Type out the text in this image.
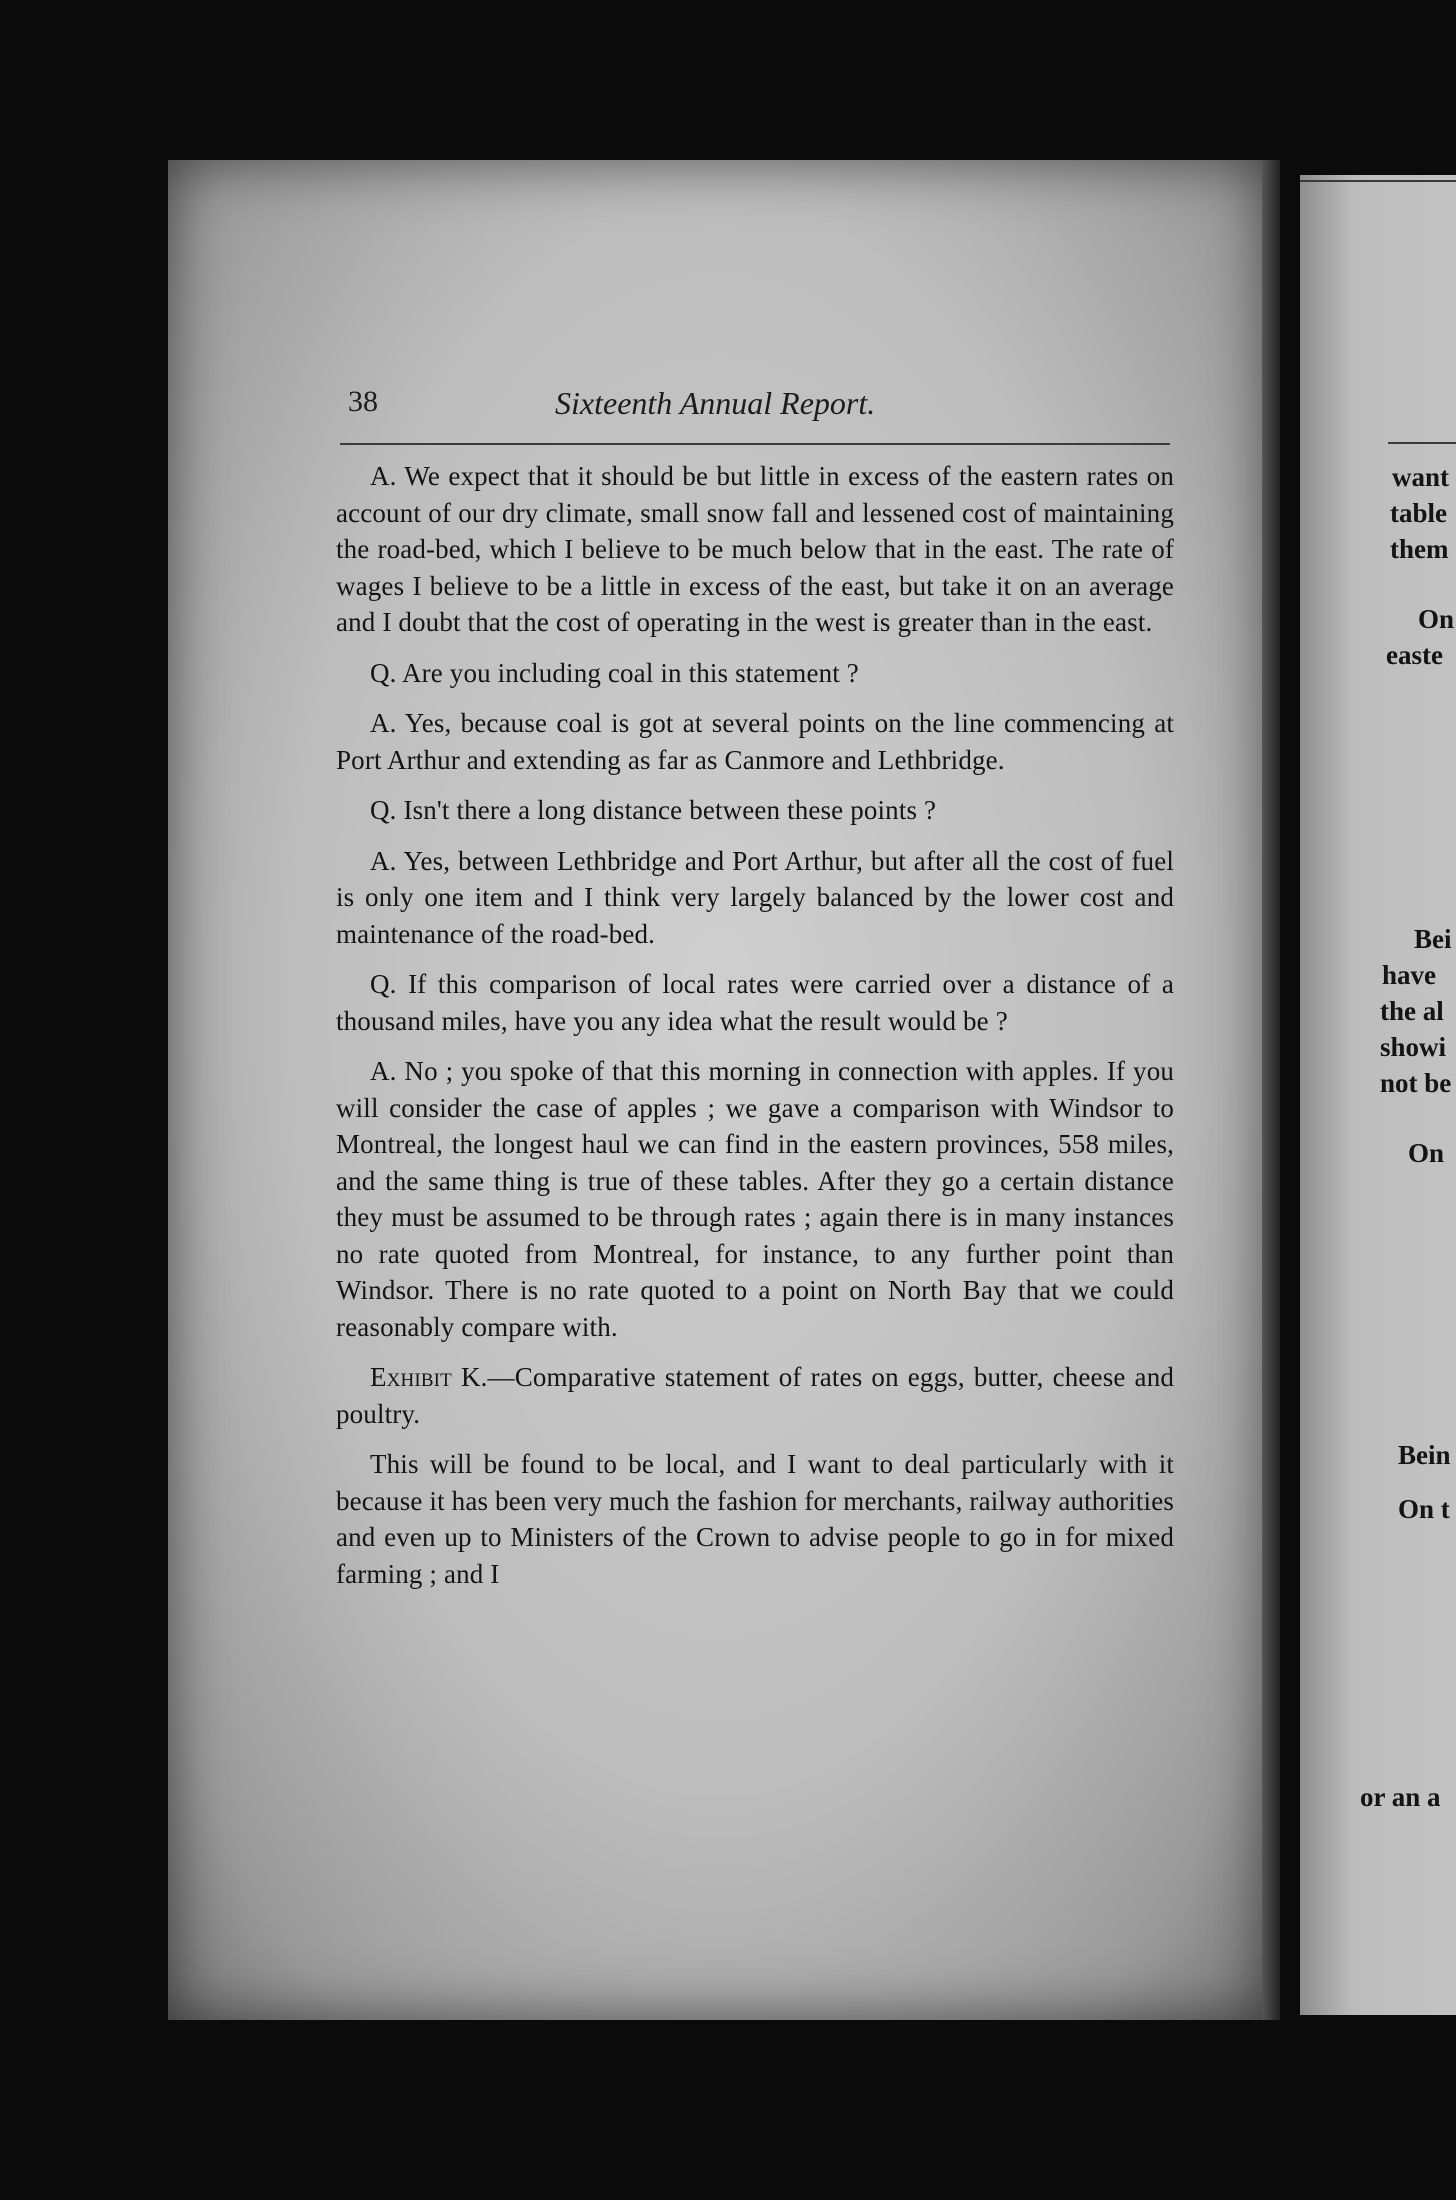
38	Sixteenth Annual Report.

A. We expect that it should be but little in excess of the eastern rates on account of our dry climate, small snow fall and lessened cost of maintaining the road-bed, which I believe to be much below that in the east. The rate of wages I believe to be a little in excess of the east, but take it on an average and I doubt that the cost of operating in the west is greater than in the east.

Q. Are you including coal in this statement ?

A. Yes, because coal is got at several points on the line commencing at Port Arthur and extending as far as Canmore and Lethbridge.

Q. Isn't there a long distance between these points ?

A. Yes, between Lethbridge and Port Arthur, but after all the cost of fuel is only one item and I think very largely balanced by the lower cost and maintenance of the road-bed.

Q. If this comparison of local rates were carried over a distance of a thousand miles, have you any idea what the result would be ?

A. No ; you spoke of that this morning in connection with apples. If you will consider the case of apples ; we gave a comparison with Windsor to Montreal, the longest haul we can find in the eastern provinces, 558 miles, and the same thing is true of these tables. After they go a certain distance they must be assumed to be through rates ; again there is in many instances no rate quoted from Montreal, for instance, to any further point than Windsor. There is no rate quoted to a point on North Bay that we could reasonably compare with.

Exhibit K.—Comparative statement of rates on eggs, butter, cheese and poultry.

This will be found to be local, and I want to deal particularly with it because it has been very much the fashion for merchants, railway authorities and even up to Ministers of the Crown to advise people to go in for mixed farming ; and I

want
table
them
On
easte
Bei
have
the al
showi
not be
On
Bein
On t
or an a
